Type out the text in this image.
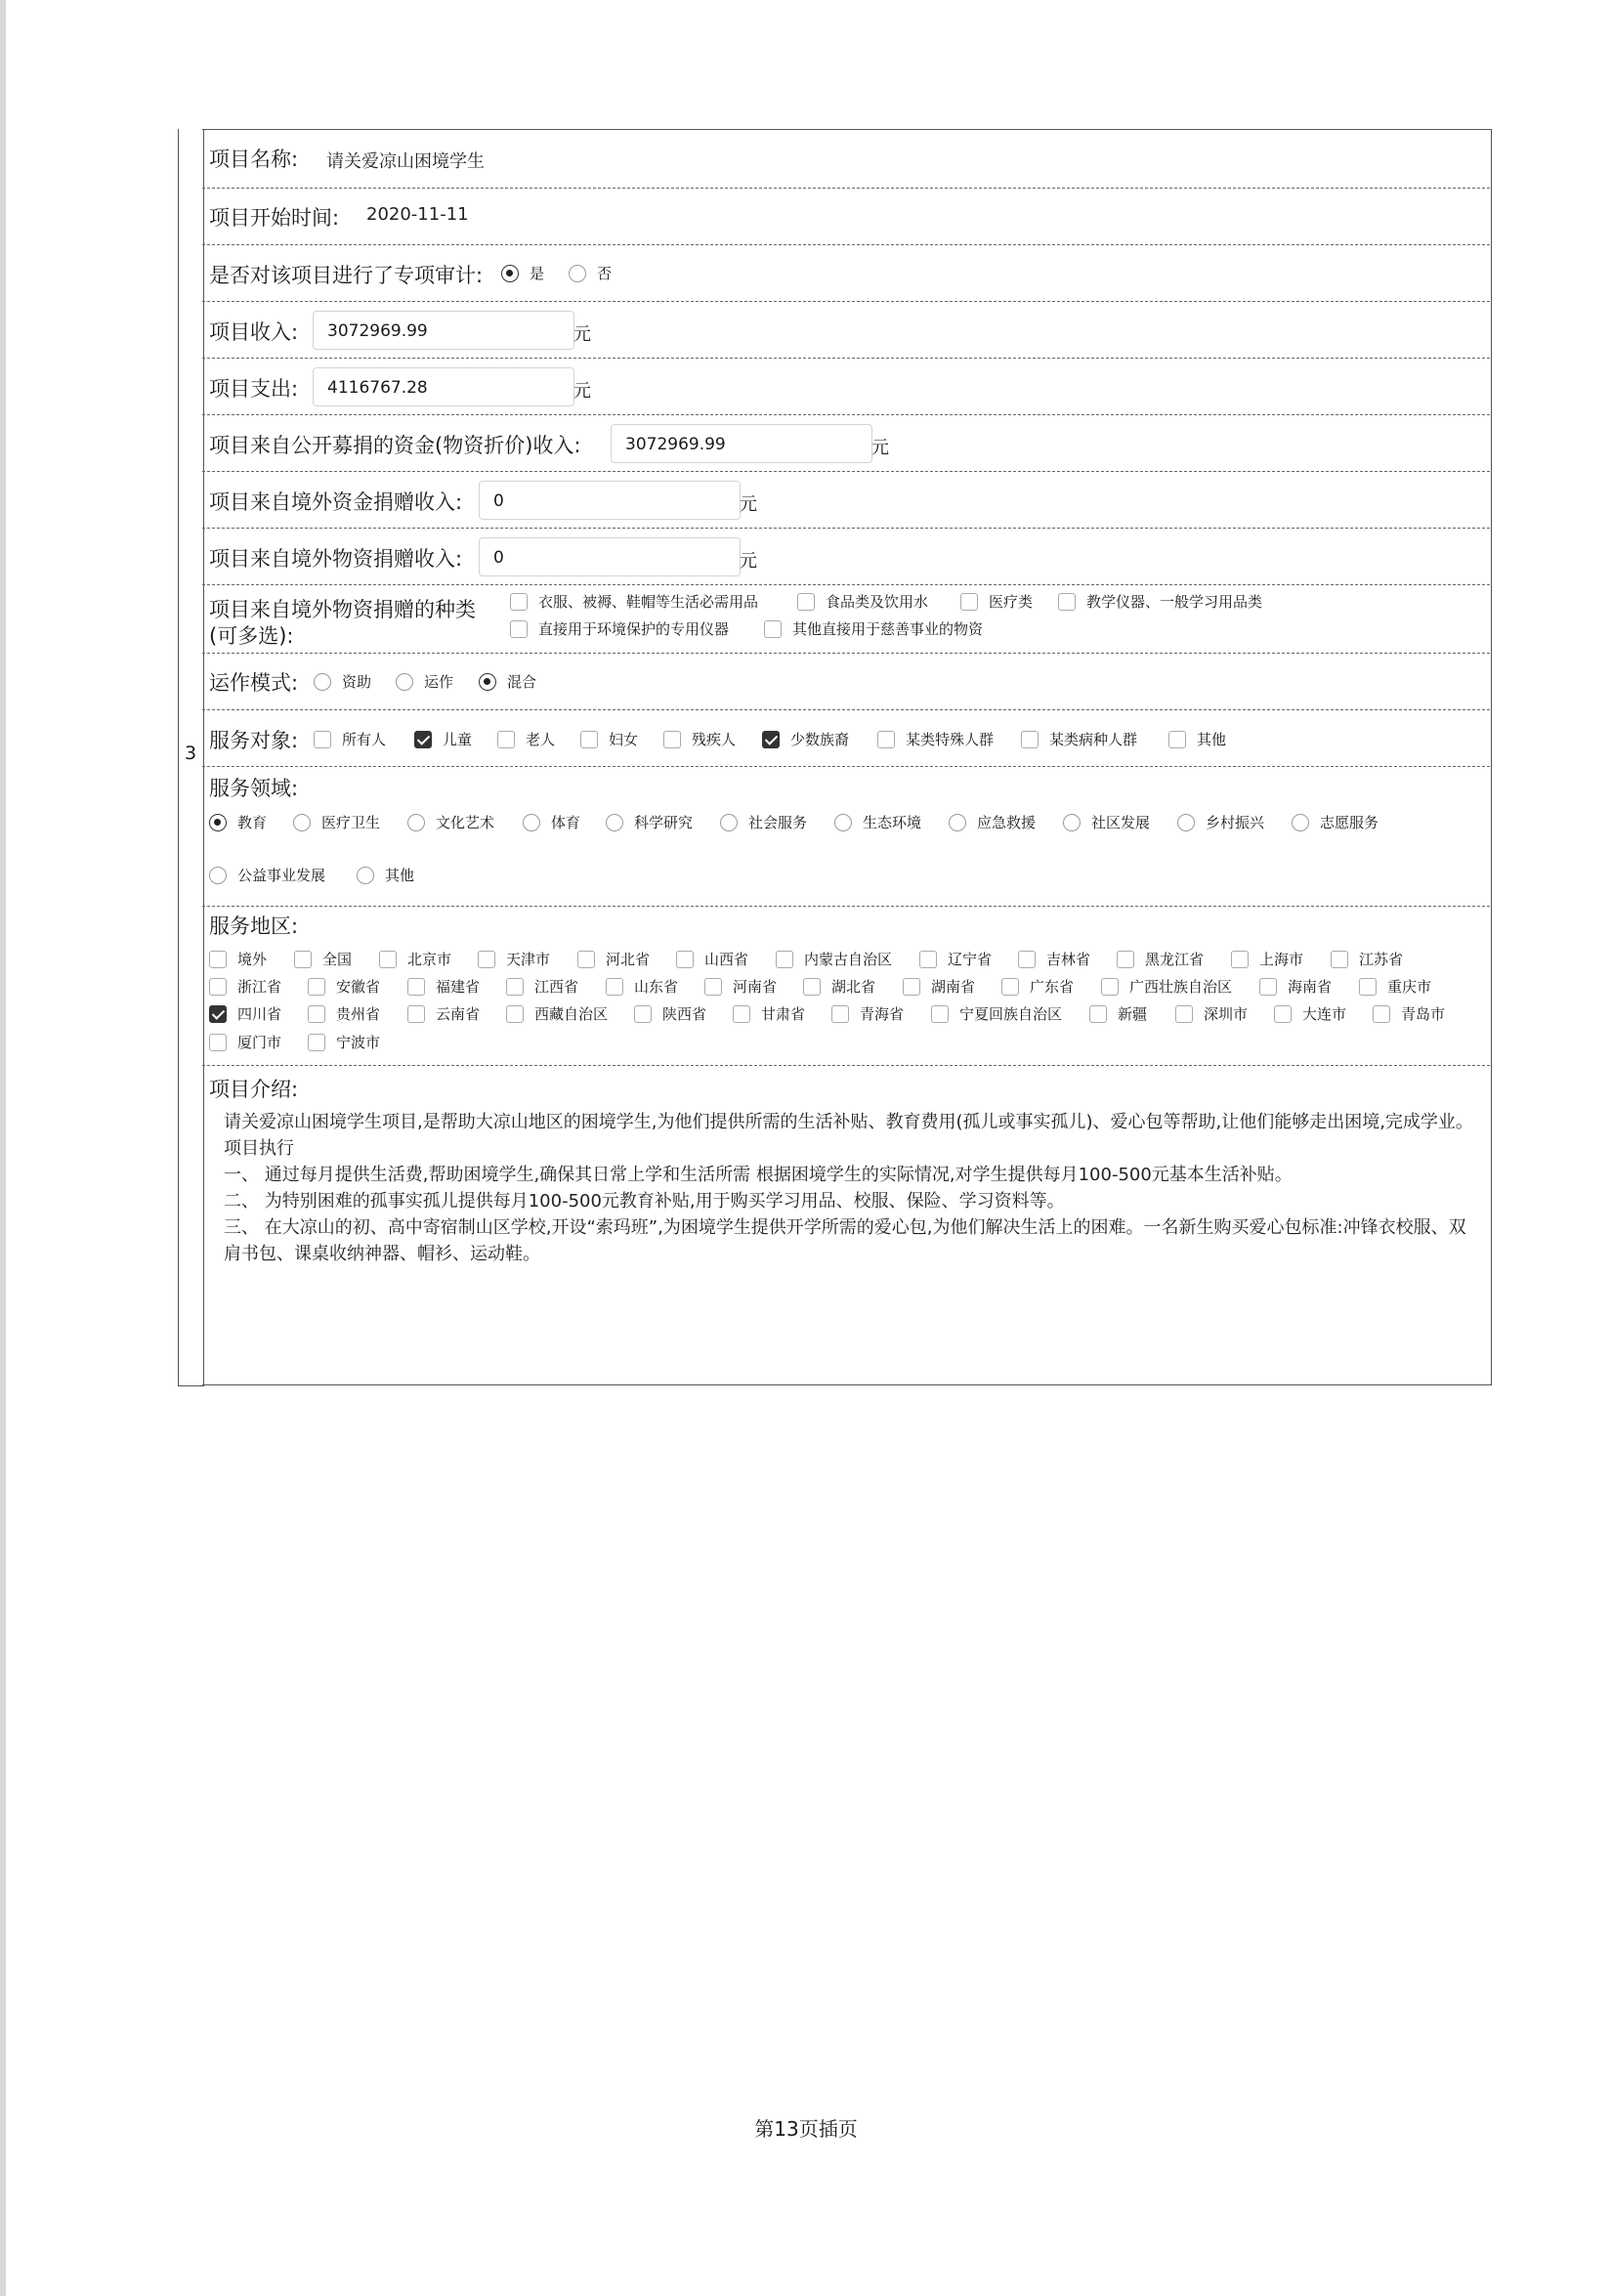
3
项目名称: 请关爱凉山困境学生
项目开始时间: 2020-11-11
是否对该项目进行了专项审计:	是	否
项目收入:	3072969.99	元
项目支出:	4116767.28	元
项目来自公开募捐的资金(物资折价)收入:	3072969.99	元
项目来自境外资金捐赠收入:	0	元
项目来自境外物资捐赠收入:	0	元
项目来自境外物资捐赠的种类
(可多选):
衣服、被褥、鞋帽等生活必需用品	食品类及饮用水	医疗类	教学仪器、一般学习用品类
直接用于环境保护的专用仪器	其他直接用于慈善事业的物资
运作模式:	资助	运作	混合
服务对象:	所有人	儿童	老人	妇女	残疾人	少数族裔	某类特殊人群	某类病种人群	其他
服务领域:
教育	医疗卫生	文化艺术	体育	科学研究	社会服务	生态环境	应急救援	社区发展	乡村振兴	志愿服务
公益事业发展	其他
服务地区:
境外	全国	北京市	天津市	河北省	山西省	内蒙古自治区	辽宁省	吉林省	黑龙江省	上海市	江苏省
浙江省	安徽省	福建省	江西省	山东省	河南省	湖北省	湖南省	广东省	广西壮族自治区	海南省	重庆市
四川省	贵州省	云南省	西藏自治区	陕西省	甘肃省	青海省	宁夏回族自治区	新疆	深圳市	大连市	青岛市
厦门市	宁波市
项目介绍:

请关爱凉山困境学生项目,是帮助大凉山地区的困境学生,为他们提供所需的生活补贴、教育费用(孤儿或事实孤儿)、爱心包等帮助,让他们能够走出困境,完成学业。

项目执行

一、 通过每月提供生活费,帮助困境学生,确保其日常上学和生活所需 根据困境学生的实际情况,对学生提供每月100-500元基本生活补贴。

二、 为特别困难的孤事实孤儿提供每月100-500元教育补贴,用于购买学习用品、校服、保险、学习资料等。

三、 在大凉山的初、高中寄宿制山区学校,开设“索玛班”,为困境学生提供开学所需的爱心包,为他们解决生活上的困难。一名新生购买爱心包标准:冲锋衣校服、双肩书包、课桌收纳神器、帽衫、运动鞋。

第13页插页
